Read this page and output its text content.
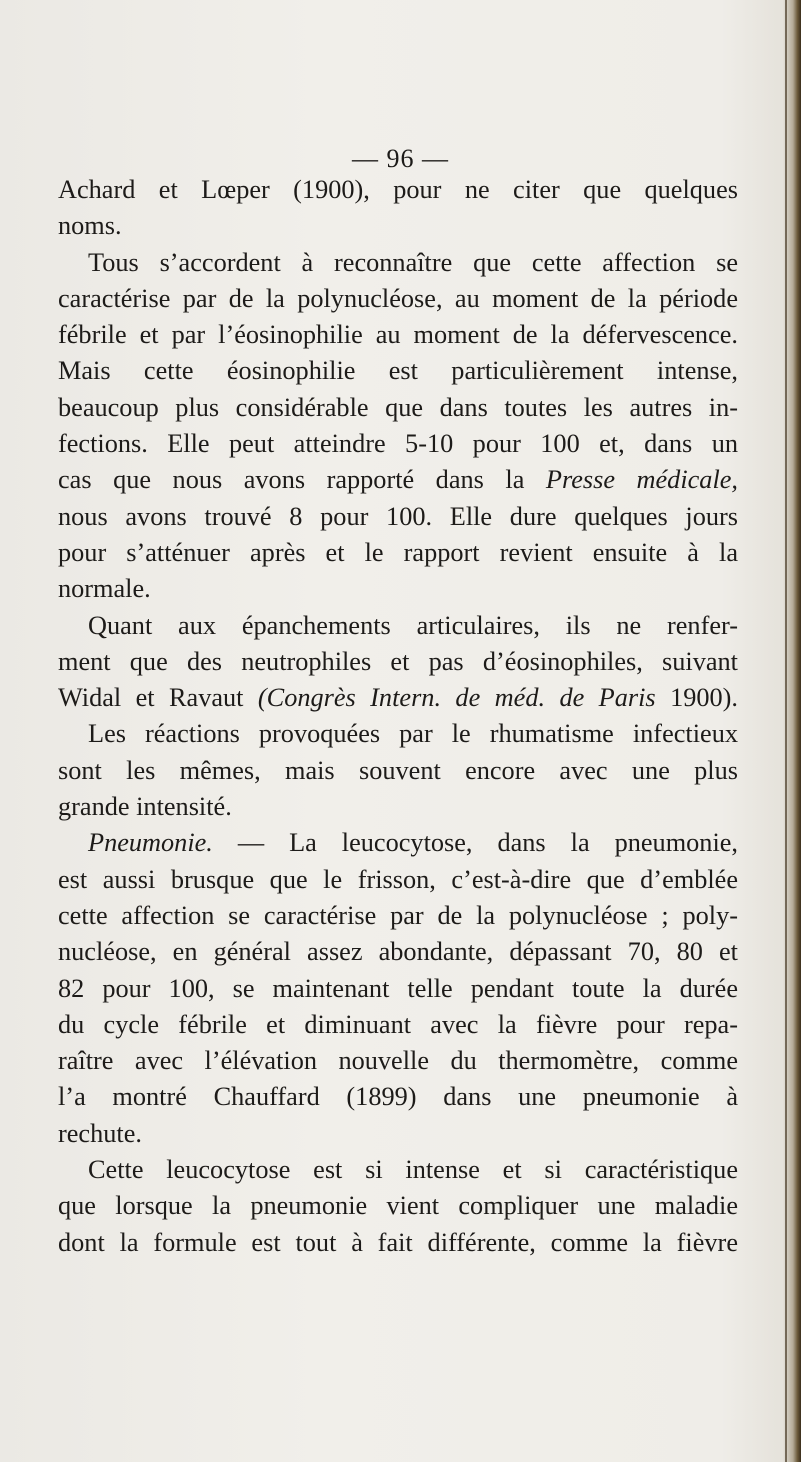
— 96 —
Achard et Lœper (1900), pour ne citer que quelques
noms.
Tous s’accordent à reconnaître que cette affection se
caractérise par de la polynucléose, au moment de la période
fébrile et par l’éosinophilie au moment de la défervescence.
Mais cette éosinophilie est particulièrement intense,
beaucoup plus considérable que dans toutes les autres in-
fections. Elle peut atteindre 5-10 pour 100 et, dans un
cas que nous avons rapporté dans la Presse médicale,
nous avons trouvé 8 pour 100. Elle dure quelques jours
pour s’atténuer après et le rapport revient ensuite à la
normale.
Quant aux épanchements articulaires, ils ne renfer-
ment que des neutrophiles et pas d’éosinophiles, suivant
Widal et Ravaut (Congrès Intern. de méd. de Paris 1900).
Les réactions provoquées par le rhumatisme infectieux
sont les mêmes, mais souvent encore avec une plus
grande intensité.
Pneumonie. — La leucocytose, dans la pneumonie,
est aussi brusque que le frisson, c’est-à-dire que d’emblée
cette affection se caractérise par de la polynucléose ; poly-
nucléose, en général assez abondante, dépassant 70, 80 et
82 pour 100, se maintenant telle pendant toute la durée
du cycle fébrile et diminuant avec la fièvre pour repa-
raître avec l’élévation nouvelle du thermomètre, comme
l’a montré Chauffard (1899) dans une pneumonie à
rechute.
Cette leucocytose est si intense et si caractéristique
que lorsque la pneumonie vient compliquer une maladie
dont la formule est tout à fait différente, comme la fièvre
